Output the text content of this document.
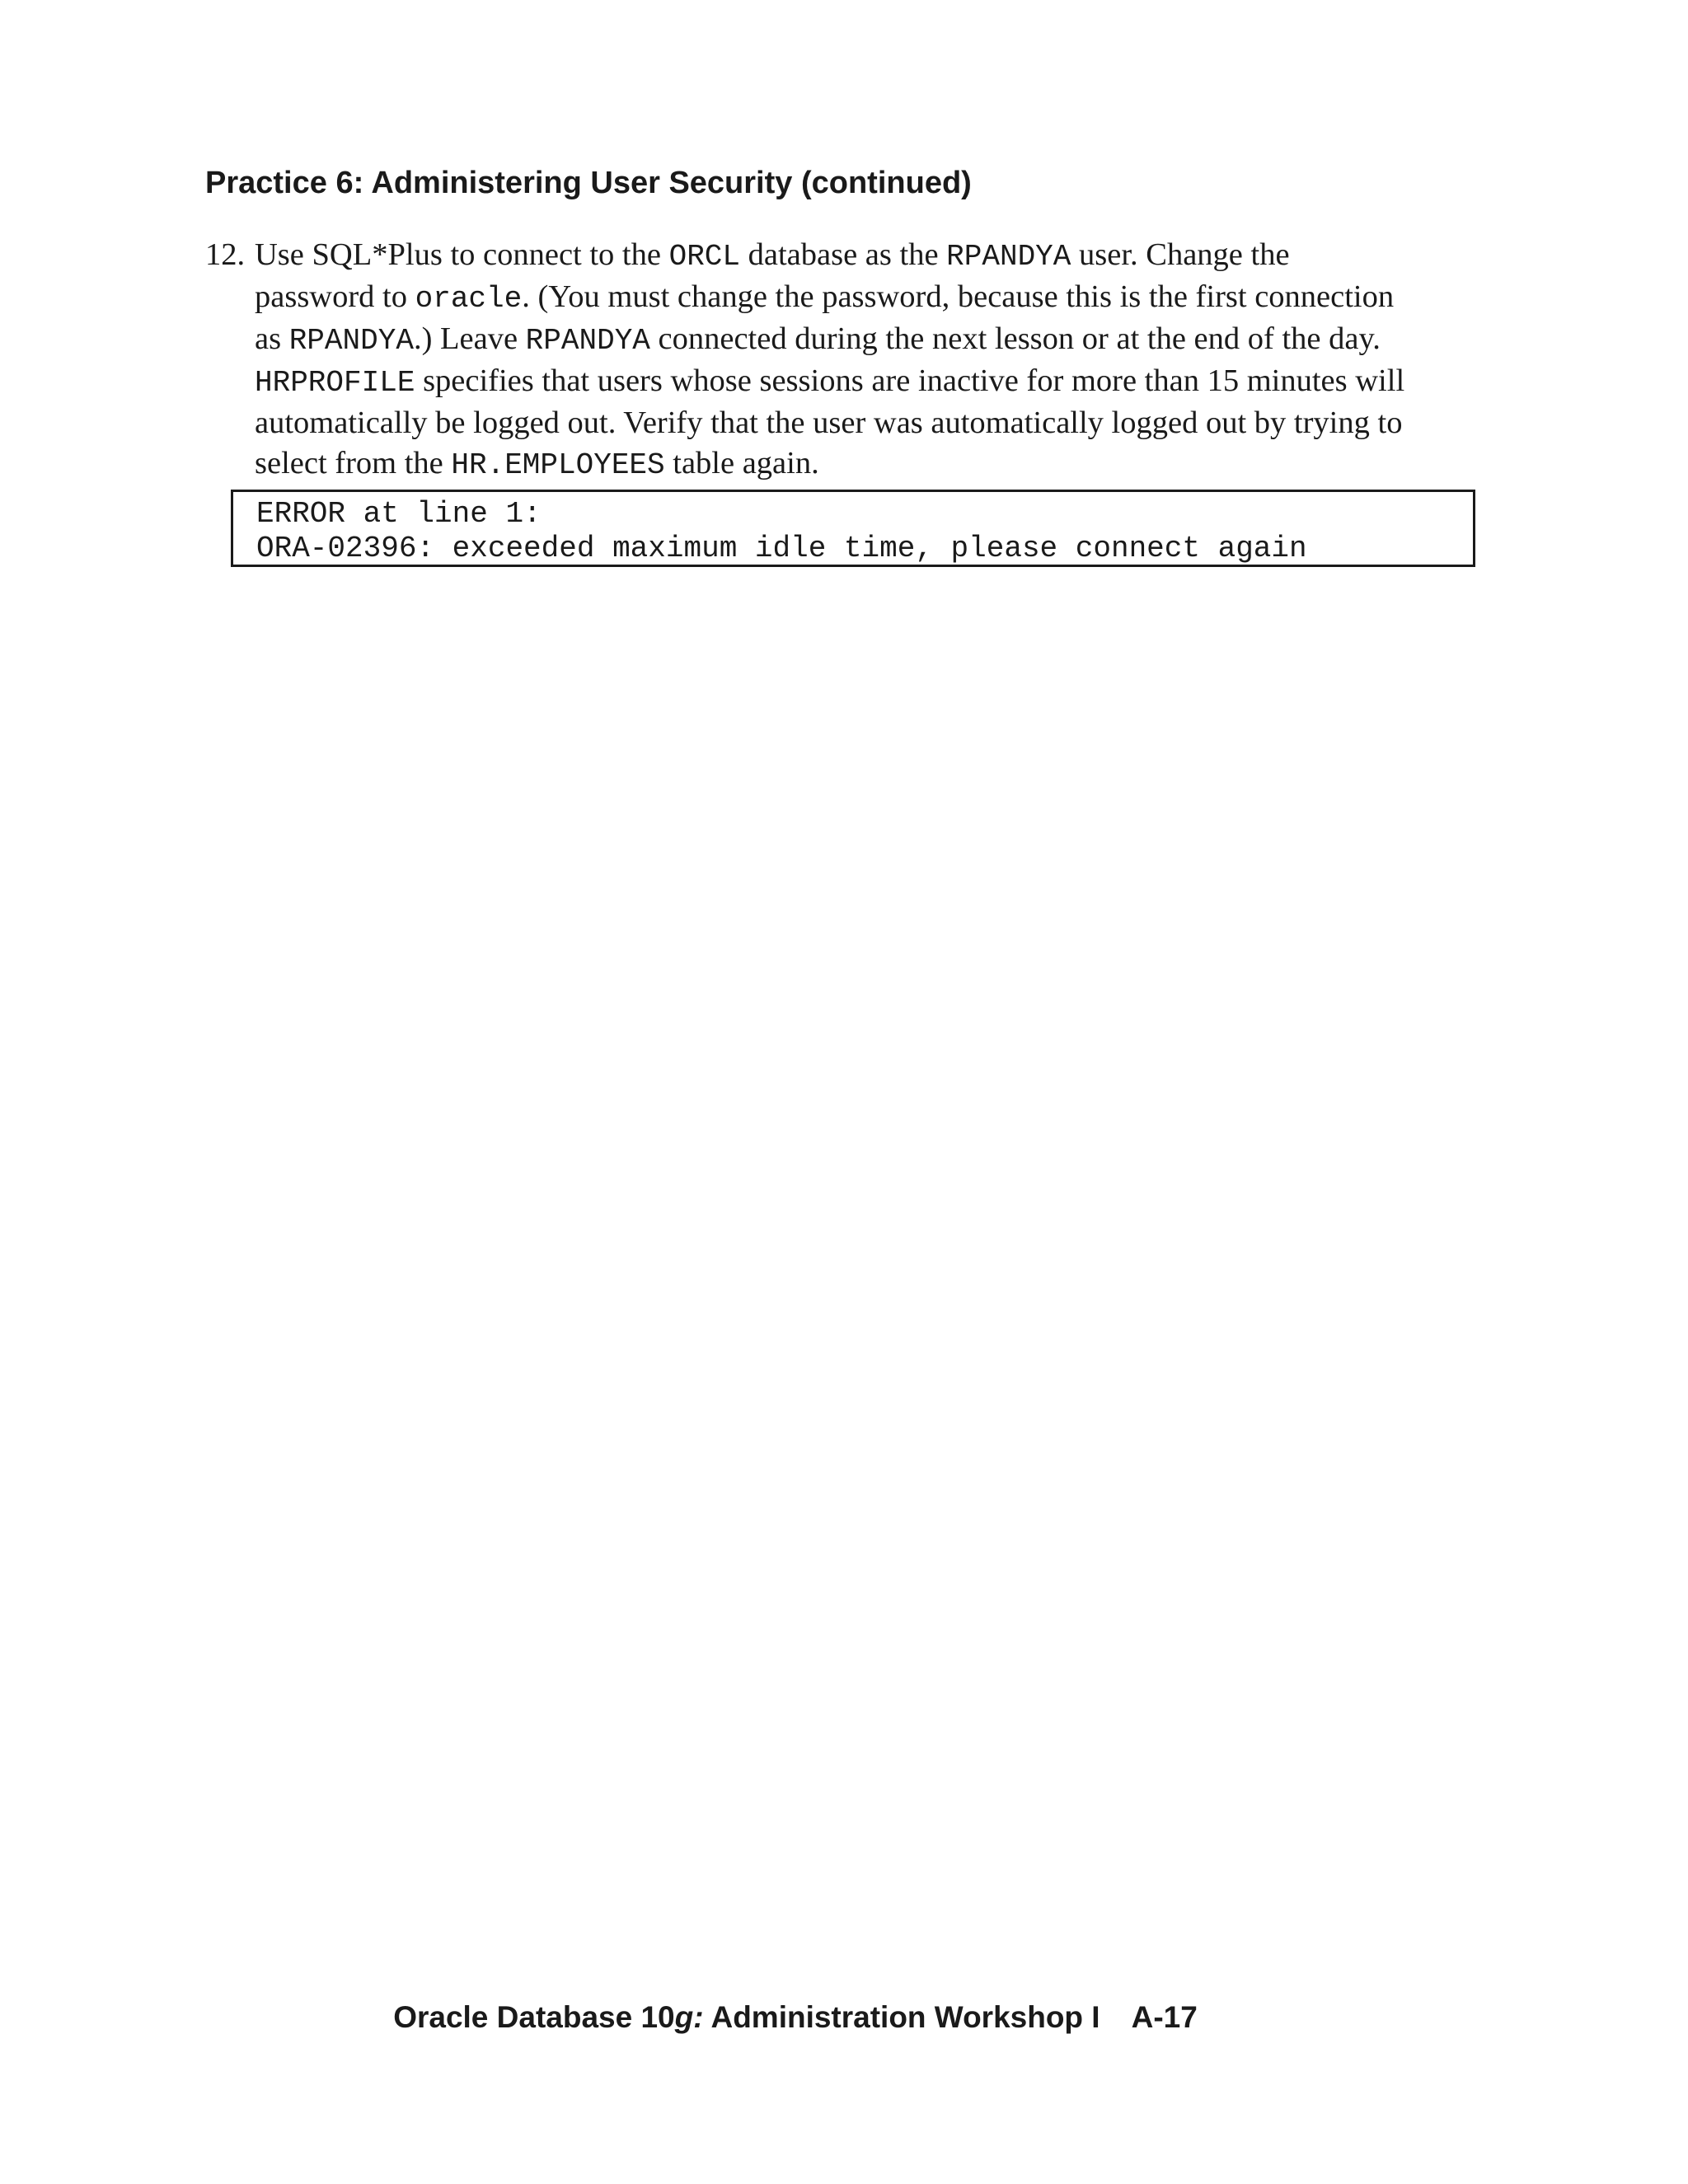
Practice 6: Administering User Security (continued)
12. Use SQL*Plus to connect to the ORCL database as the RPANDYA user. Change the
password to oracle. (You must change the password, because this is the first connection
as RPANDYA.) Leave RPANDYA connected during the next lesson or at the end of the day.
HRPROFILE specifies that users whose sessions are inactive for more than 15 minutes will
automatically be logged out. Verify that the user was automatically logged out by trying to
select from the HR.EMPLOYEES table again.
ERROR at line 1:
ORA-02396: exceeded maximum idle time, please connect again
Oracle Database 10g: Administration Workshop I A-17
